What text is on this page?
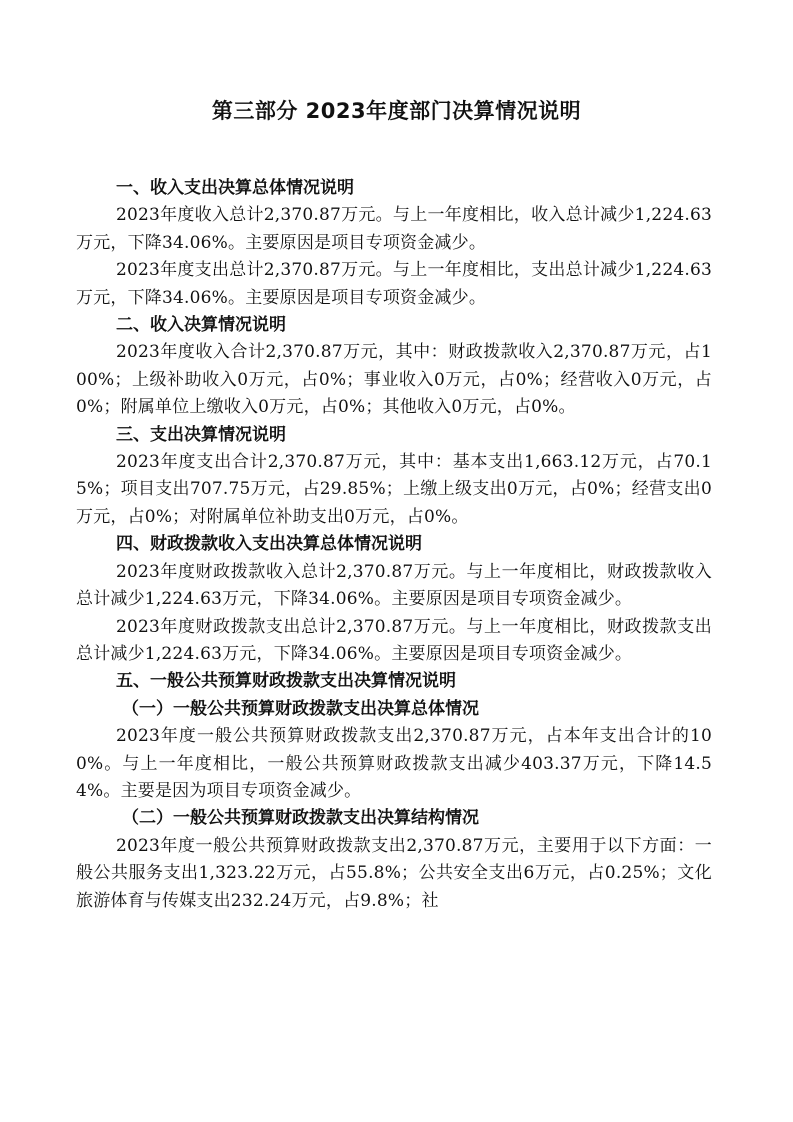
第三部分 2023年度部门决算情况说明

一、收入支出决算总体情况说明

2023年度收入总计2,370.87万元。与上一年度相比，收入总计减少1,224.63万元，下降34.06%。主要原因是项目专项资金减少。

2023年度支出总计2,370.87万元。与上一年度相比，支出总计减少1,224.63万元，下降34.06%。主要原因是项目专项资金减少。

二、收入决算情况说明

2023年度收入合计2,370.87万元，其中：财政拨款收入2,370.87万元，占100%；上级补助收入0万元，占0%；事业收入0万元，占0%；经营收入0万元，占0%；附属单位上缴收入0万元，占0%；其他收入0万元，占0%。

三、支出决算情况说明

2023年度支出合计2,370.87万元，其中：基本支出1,663.12万元，占70.15%；项目支出707.75万元，占29.85%；上缴上级支出0万元，占0%；经营支出0万元，占0%；对附属单位补助支出0万元，占0%。

四、财政拨款收入支出决算总体情况说明

2023年度财政拨款收入总计2,370.87万元。与上一年度相比，财政拨款收入总计减少1,224.63万元，下降34.06%。主要原因是项目专项资金减少。

2023年度财政拨款支出总计2,370.87万元。与上一年度相比，财政拨款支出总计减少1,224.63万元，下降34.06%。主要原因是项目专项资金减少。

五、一般公共预算财政拨款支出决算情况说明

（一）一般公共预算财政拨款支出决算总体情况

2023年度一般公共预算财政拨款支出2,370.87万元，占本年支出合计的100%。与上一年度相比，一般公共预算财政拨款支出减少403.37万元，下降14.54%。主要是因为项目专项资金减少。

（二）一般公共预算财政拨款支出决算结构情况

2023年度一般公共预算财政拨款支出2,370.87万元，主要用于以下方面：一般公共服务支出1,323.22万元，占55.8%；公共安全支出6万元，占0.25%；文化旅游体育与传媒支出232.24万元，占9.8%；社
